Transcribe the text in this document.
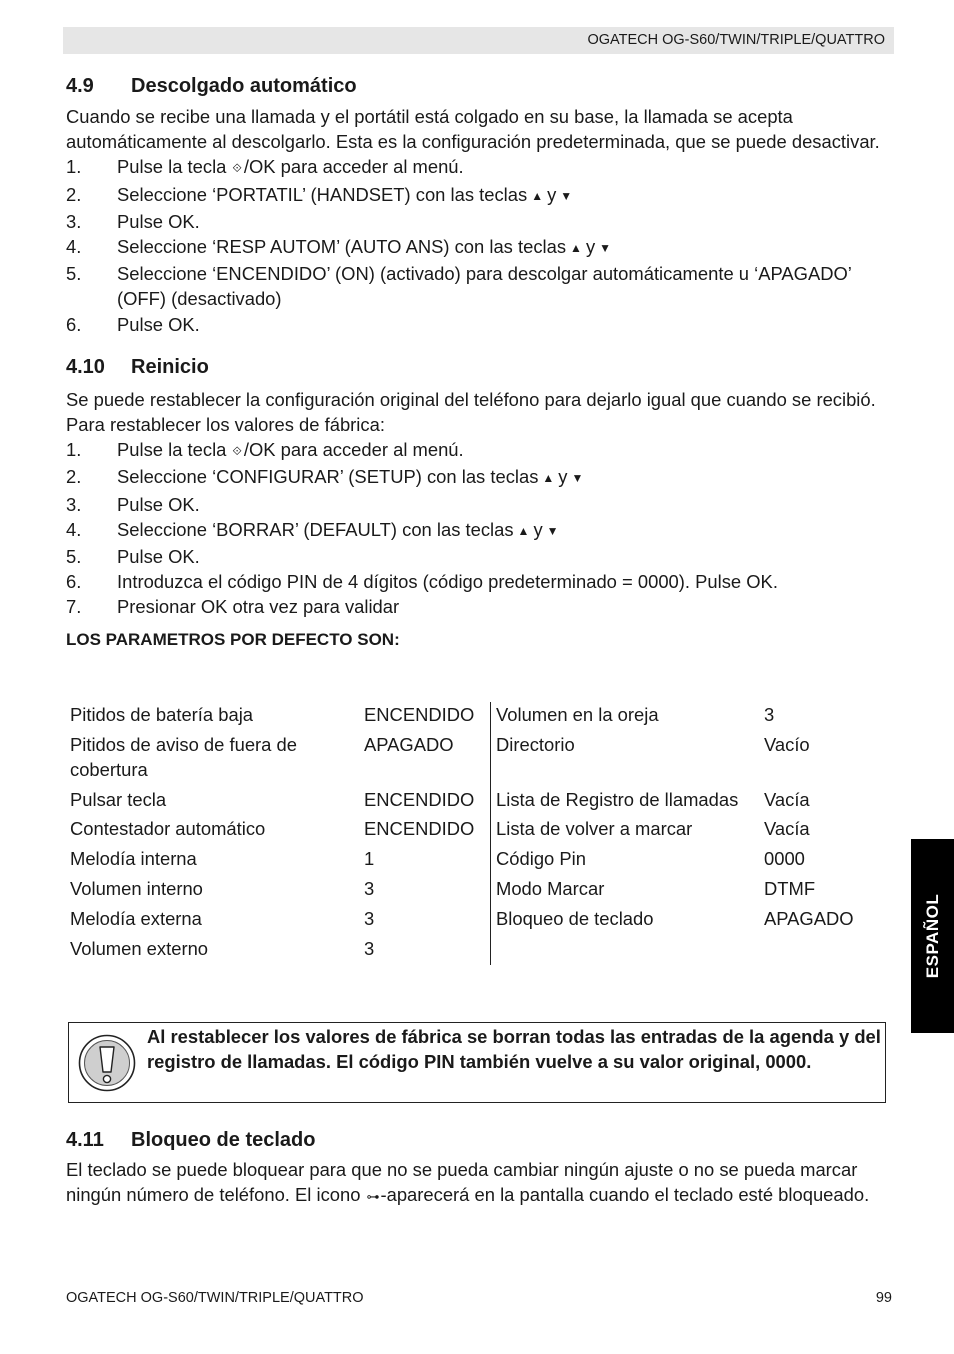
OGATECH OG-S60/TWIN/TRIPLE/QUATTRO
4.9 Descolgado automático

Cuando se recibe una llamada y el portátil está colgado en su base, la llamada se acepta automáticamente al descolgarlo. Esta es la configuración predeterminada, que se puede desactivar.

1. Pulse la tecla ⟐ /OK para acceder al menú.
2. Seleccione ‘PORTATIL’ (HANDSET) con las teclas ▲ y ▼
3. Pulse OK.
4. Seleccione ‘RESP AUTOM’ (AUTO ANS) con las teclas ▲ y ▼
5. Seleccione ‘ENCENDIDO’ (ON) (activado) para descolgar automáticamente u ‘APAGADO’ (OFF) (desactivado)
6. Pulse OK.
4.10 Reinicio

Se puede restablecer la configuración original del teléfono para dejarlo igual que cuando se recibió.

Para restablecer los valores de fábrica:

1. Pulse la tecla ⟐ /OK para acceder al menú.
2. Seleccione ‘CONFIGURAR’ (SETUP) con las teclas ▲ y ▼
3. Pulse OK.
4. Seleccione ‘BORRAR’ (DEFAULT) con las teclas ▲ y ▼
5. Pulse OK.
6. Introduzca el código PIN de 4 dígitos (código predeterminado = 0000). Pulse OK.
7. Presionar OK otra vez para validar

LOS PARAMETROS POR DEFECTO SON:

Pitidos de batería baja	ENCENDIDO	Volumen en la oreja	3
Pitidos de aviso de fuera de cobertura	APAGADO	Directorio	Vacío
Pulsar tecla	ENCENDIDO	Lista de Registro de llamadas	Vacía
Contestador automático	ENCENDIDO	Lista de volver a marcar	Vacía
Melodía interna	1	Código Pin	0000
Volumen interno	3	Modo Marcar	DTMF
Melodía externa	3	Bloqueo de teclado	APAGADO
Volumen externo	3		

Al restablecer los valores de fábrica se borran todas las entradas de la agenda y del registro de llamadas. El código PIN también vuelve a su valor original, 0000.

4.11 Bloqueo de teclado

El teclado se puede bloquear para que no se pueda cambiar ningún ajuste o no se pueda marcar ningún número de teléfono. El icono ⊶-aparecerá en la pantalla cuando el teclado esté bloqueado.

ESPAÑOL
OGATECH OG-S60/TWIN/TRIPLE/QUATTRO	99
